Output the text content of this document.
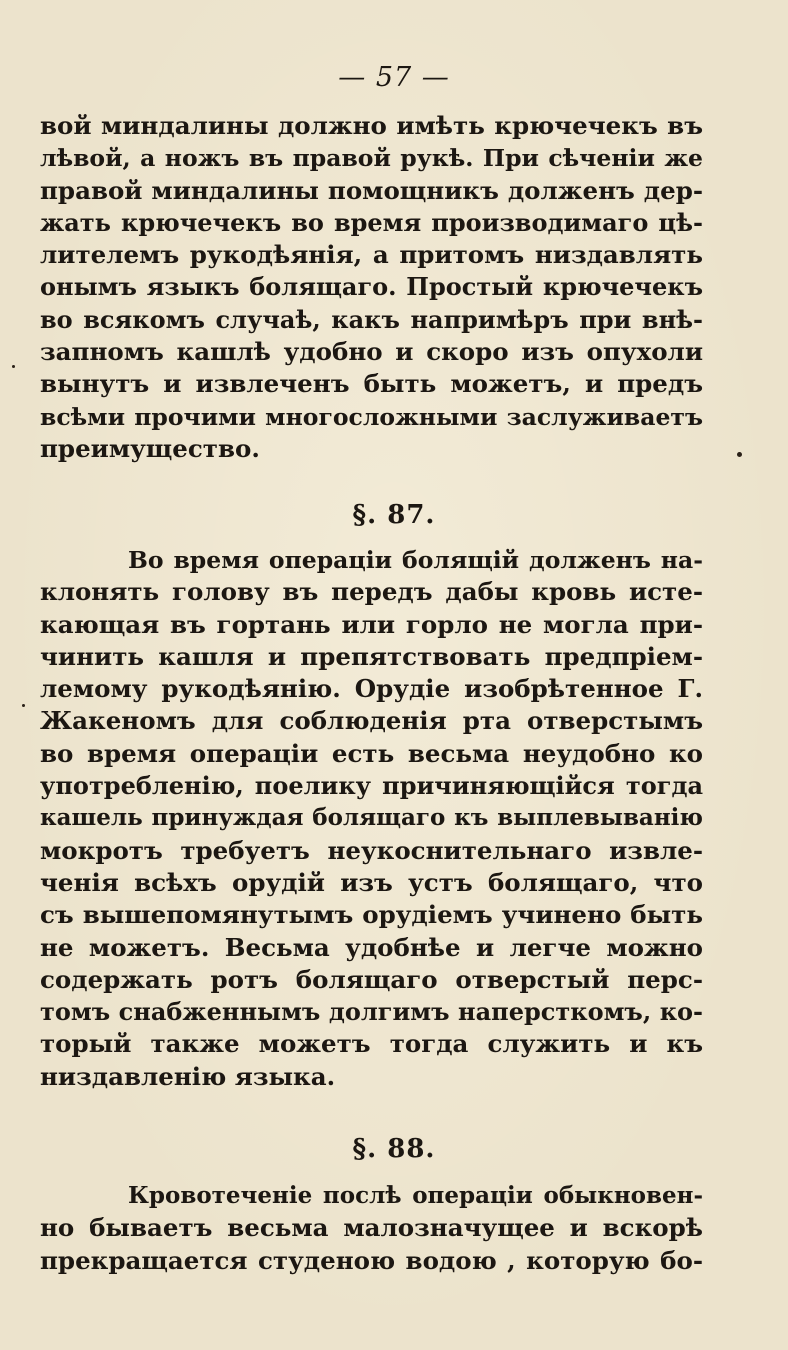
— 57 —
вой миндалины должно имѣть крючечекъ въ
лѣвой, а ножъ въ правой рукѣ. При сѣченіи же
правой миндалины помощникъ долженъ дер-
жать крючечекъ во время производимаго цѣ-
лителемъ рукодѣянія, а притомъ низдавлять
онымъ языкъ болящаго. Простый крючечекъ
во всякомъ случаѣ, какъ напримѣръ при внѣ-
запномъ кашлѣ удобно и скоро изъ опухоли
вынутъ и извлеченъ быть можетъ, и предъ
всѣми прочими многосложными заслуживаетъ
преимущество.
§. 87.
Во время операціи болящій долженъ на-
клонять голову въ передъ дабы кровь исте-
кающая въ гортань или горло не могла при-
чинить кашля и препятствовать предпріем-
лемому рукодѣянію. Орудіе изобрѣтенное Г.
Жакеномъ для соблюденія рта отверстымъ
во время операціи есть весьма неудобно ко
употребленію, поелику причиняющійся тогда
кашель принуждая болящаго къ выплевыванію
мокротъ требуетъ неукоснительнаго извле-
ченія всѣхъ орудій изъ устъ болящаго, что
съ вышепомянутымъ орудіемъ учинено быть
не можетъ. Весьма удобнѣе и легче можно
содержать ротъ болящаго отверстый перс-
томъ снабженнымъ долгимъ наперсткомъ, ко-
торый также можетъ тогда служить и къ
низдавленію языка.
§. 88.
Кровотеченіе послѣ операціи обыкновен-
но бываетъ весьма малозначущее и вскорѣ
прекращается студеною водою , которую бо-
